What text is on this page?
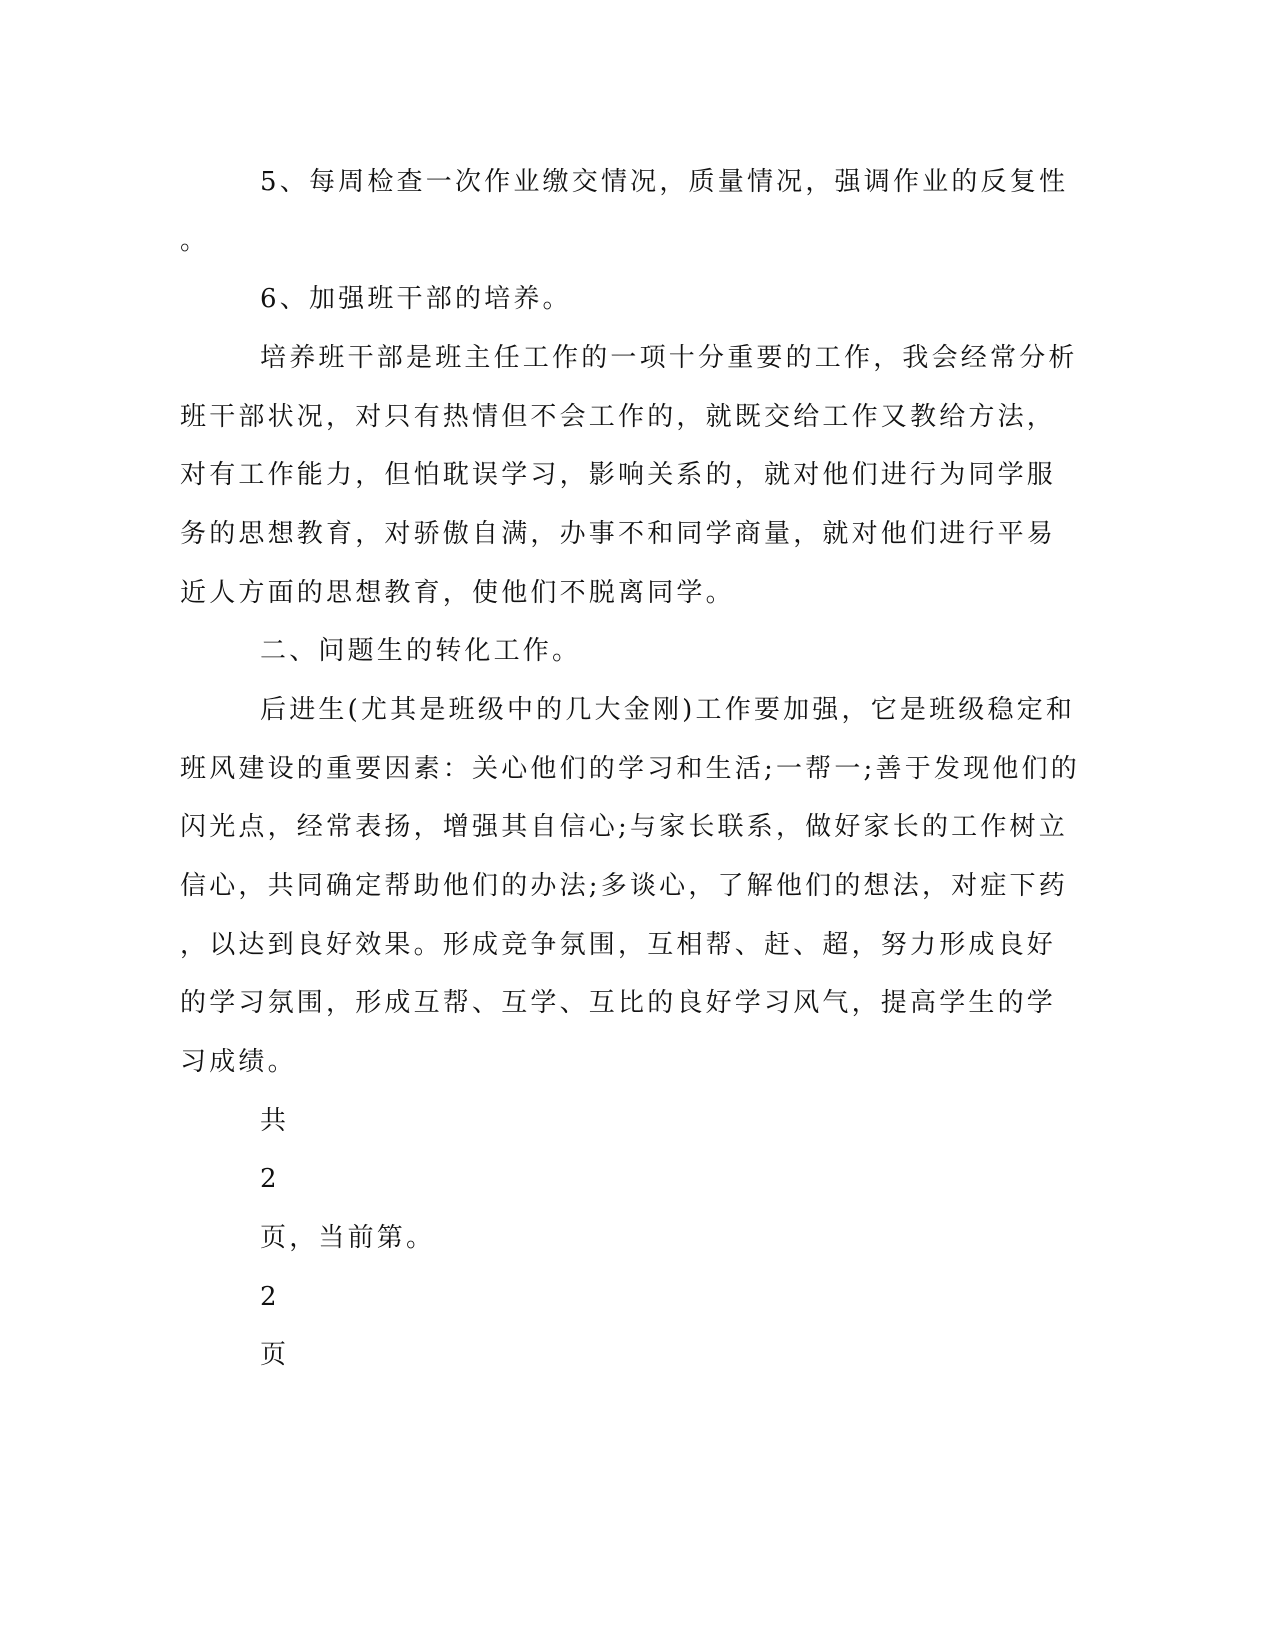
5、每周检查一次作业缴交情况，质量情况，强调作业的反复性
。
6、加强班干部的培养。
培养班干部是班主任工作的一项十分重要的工作，我会经常分析
班干部状况，对只有热情但不会工作的，就既交给工作又教给方法，
对有工作能力，但怕耽误学习，影响关系的，就对他们进行为同学服
务的思想教育，对骄傲自满，办事不和同学商量，就对他们进行平易
近人方面的思想教育，使他们不脱离同学。
二、问题生的转化工作。
后进生(尤其是班级中的几大金刚)工作要加强，它是班级稳定和
班风建设的重要因素：关心他们的学习和生活;一帮一;善于发现他们的
闪光点，经常表扬，增强其自信心;与家长联系，做好家长的工作树立
信心，共同确定帮助他们的办法;多谈心，了解他们的想法，对症下药
，以达到良好效果。形成竞争氛围，互相帮、赶、超，努力形成良好
的学习氛围，形成互帮、互学、互比的良好学习风气，提高学生的学
习成绩。
共
2
页，当前第。
2
页
